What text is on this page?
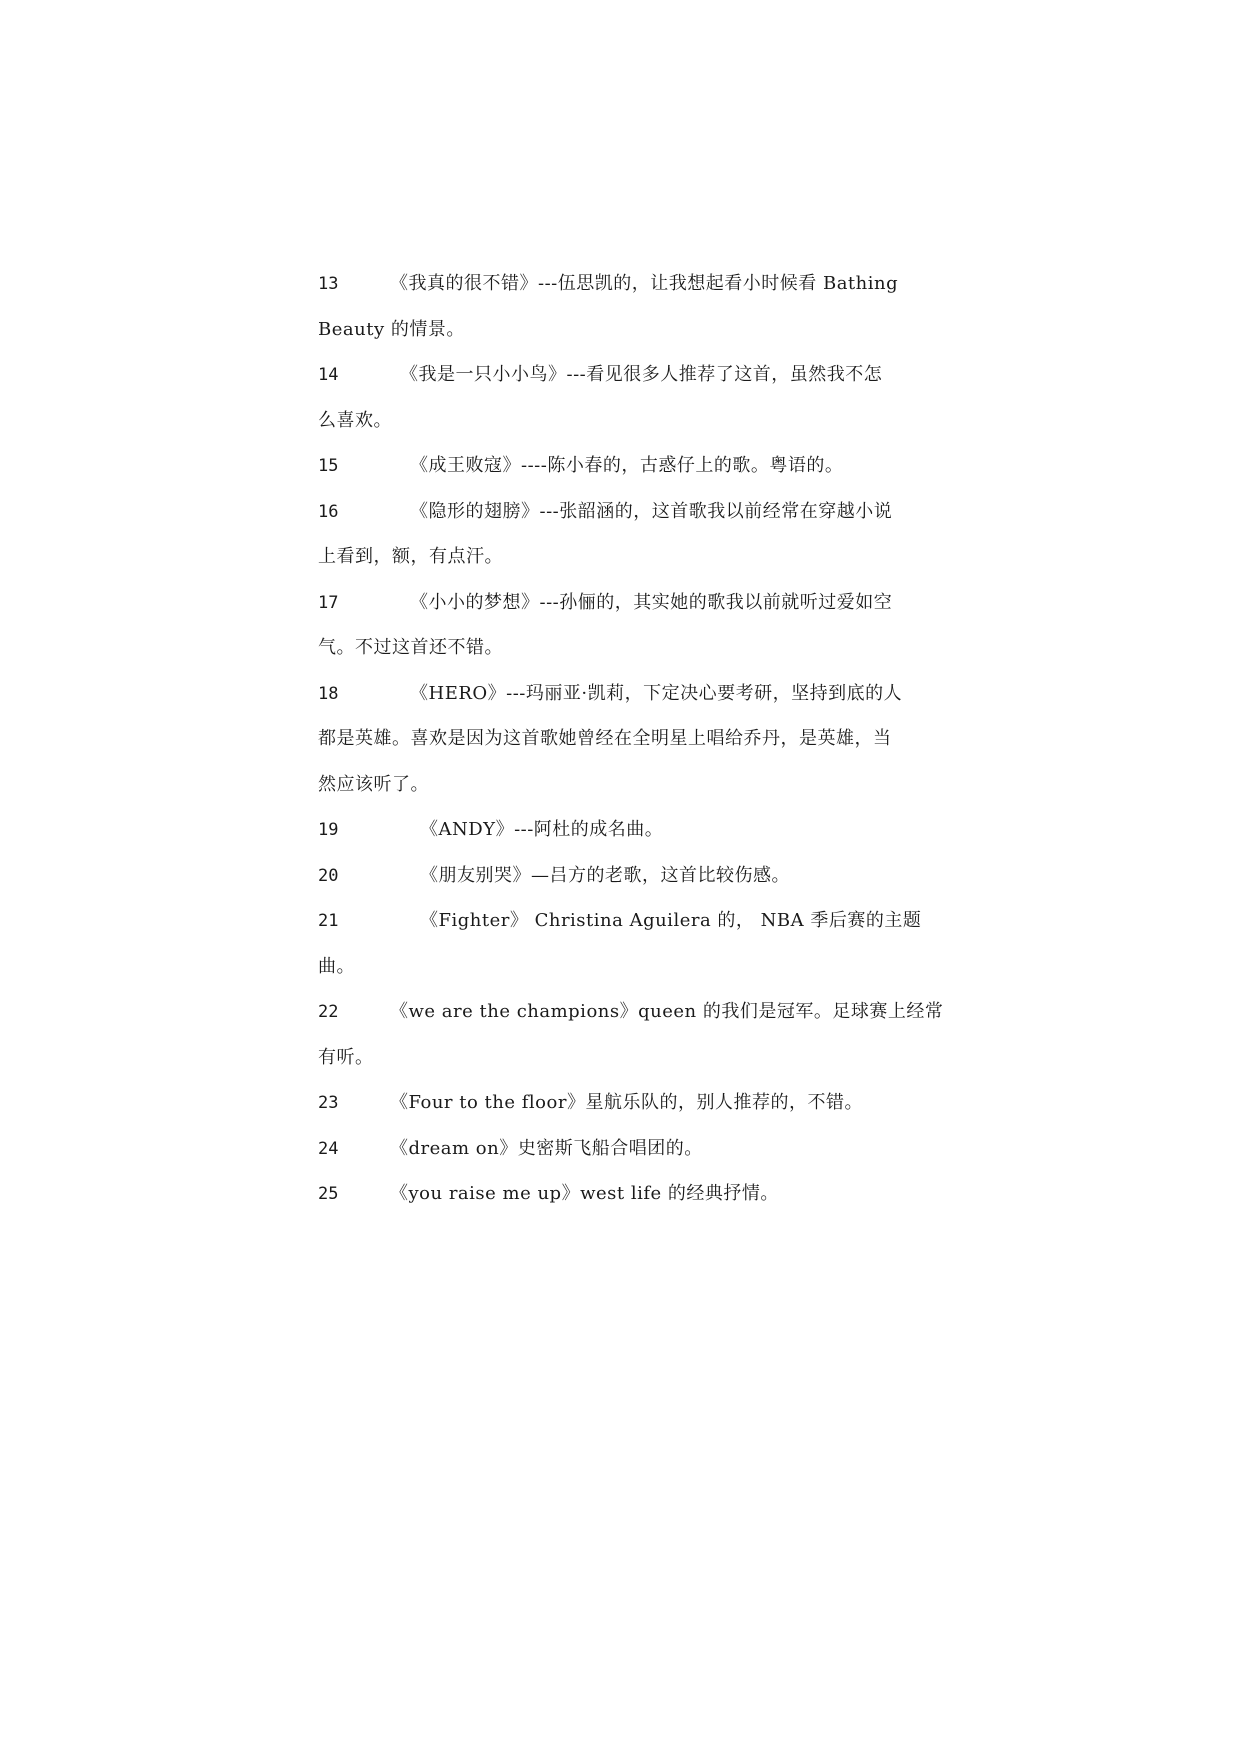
13	《我真的很不错》---伍思凯的，让我想起看小时候看 Bathing
Beauty 的情景。
14	《我是一只小小鸟》---看见很多人推荐了这首，虽然我不怎
么喜欢。
15	《成王败寇》----陈小春的，古惑仔上的歌。粤语的。
16	《隐形的翅膀》---张韶涵的，这首歌我以前经常在穿越小说
上看到，额，有点汗。
17	《小小的梦想》---孙俪的，其实她的歌我以前就听过爱如空
气。不过这首还不错。
18	《HERO》---玛丽亚·凯莉，下定决心要考研，坚持到底的人
都是英雄。喜欢是因为这首歌她曾经在全明星上唱给乔丹，是英雄，当
然应该听了。
19	《ANDY》---阿杜的成名曲。
20	《朋友别哭》—吕方的老歌，这首比较伤感。
21	《Fighter》 Christina Aguilera 的， NBA 季后赛的主题
曲。
22	《we are the champions》queen 的我们是冠军。足球赛上经常
有听。
23	《Four to the floor》星航乐队的，别人推荐的，不错。
24	《dream on》史密斯飞船合唱团的。
25	《you raise me up》west life 的经典抒情。
